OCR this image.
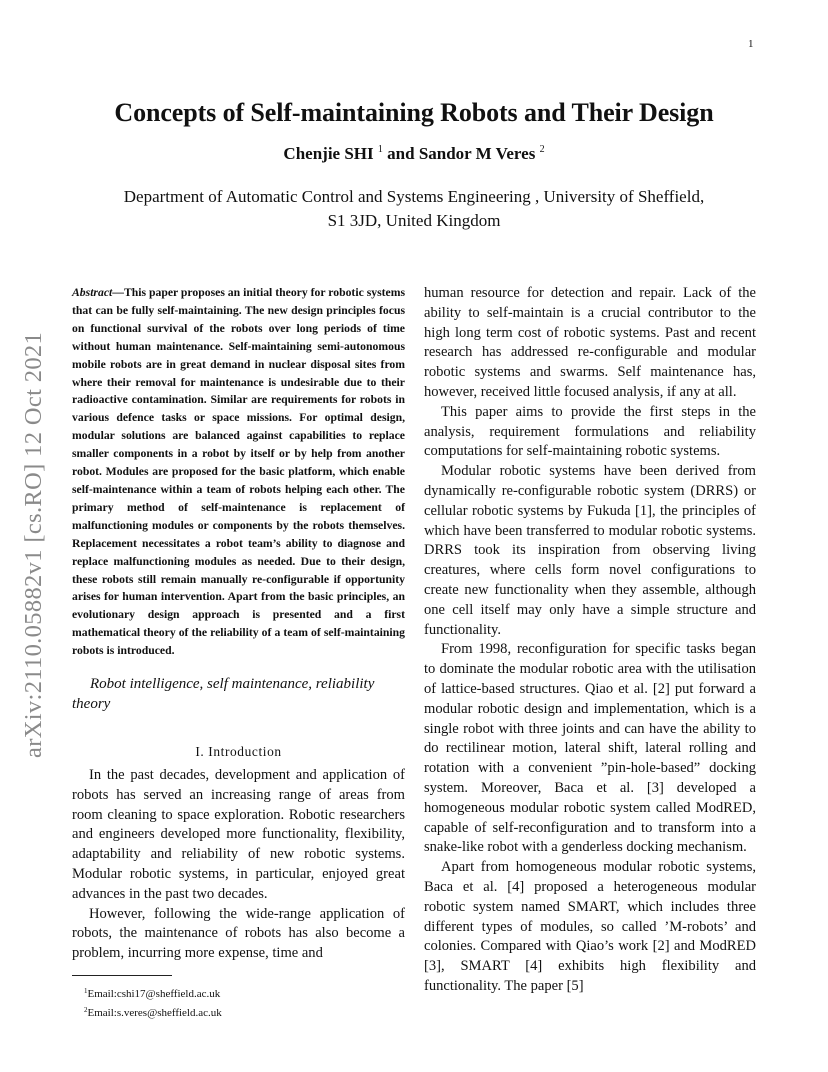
1
arXiv:2110.05882v1 [cs.RO] 12 Oct 2021
Concepts of Self-maintaining Robots and Their Design
Chenjie SHI $^1$ and Sandor M Veres $^2$
Department of Automatic Control and Systems Engineering , University of Sheffield,
S1 3JD, United Kingdom

Abstract—This paper proposes an initial theory for robotic systems that can be fully self-maintaining. The new design principles focus on functional survival of the robots over long periods of time without human maintenance. Self-maintaining semi-autonomous mobile robots are in great demand in nuclear disposal sites from where their removal for maintenance is undesirable due to their radioactive contamination. Similar are requirements for robots in various defence tasks or space missions. For optimal design, modular solutions are balanced against capabilities to replace smaller components in a robot by itself or by help from another robot. Modules are proposed for the basic platform, which enable self-maintenance within a team of robots helping each other. The primary method of self-maintenance is replacement of malfunctioning modules or components by the robots themselves. Replacement necessitates a robot team’s ability to diagnose and replace malfunctioning modules as needed. Due to their design, these robots still remain manually re-configurable if opportunity arises for human intervention. Apart from the basic principles, an evolutionary design approach is presented and a first mathematical theory of the reliability of a team of self-maintaining robots is introduced.

Robot intelligence, self maintenance, reliability theory

I. Introduction

In the past decades, development and application of robots has served an increasing range of areas from room cleaning to space exploration. Robotic researchers and engineers developed more functionality, flexibility, adaptability and reliability of new robotic systems. Modular robotic systems, in particular, enjoyed great advances in the past two decades.

However, following the wide-range application of robots, the maintenance of robots has also become a problem, incurring more expense, time and

human resource for detection and repair. Lack of the ability to self-maintain is a crucial contributor to the high long term cost of robotic systems. Past and recent research has addressed re-configurable and modular robotic systems and swarms. Self maintenance has, however, received little focused analysis, if any at all.

This paper aims to provide the first steps in the analysis, requirement formulations and reliability computations for self-maintaining robotic systems.

Modular robotic systems have been derived from dynamically re-configurable robotic system (DRRS) or cellular robotic systems by Fukuda [1], the principles of which have been transferred to modular robotic systems. DRRS took its inspiration from observing living creatures, where cells form novel configurations to create new functionality when they assemble, although one cell itself may only have a simple structure and functionality.

From 1998, reconfiguration for specific tasks began to dominate the modular robotic area with the utilisation of lattice-based structures. Qiao et al. [2] put forward a modular robotic design and implementation, which is a single robot with three joints and can have the ability to do rectilinear motion, lateral shift, lateral rolling and rotation with a convenient ”pin-hole-based” docking system. Moreover, Baca et al. [3] developed a homogeneous modular robotic system called ModRED, capable of self-reconfiguration and to transform into a snake-like robot with a genderless docking mechanism.

Apart from homogeneous modular robotic systems, Baca et al. [4] proposed a heterogeneous modular robotic system named SMART, which includes three different types of modules, so called ’M-robots’ and colonies. Compared with Qiao’s work [2] and ModRED [3], SMART [4] exhibits high flexibility and functionality. The paper [5]

$^1$Email:cshi17@sheffield.ac.uk
$^2$Email:s.veres@sheffield.ac.uk
